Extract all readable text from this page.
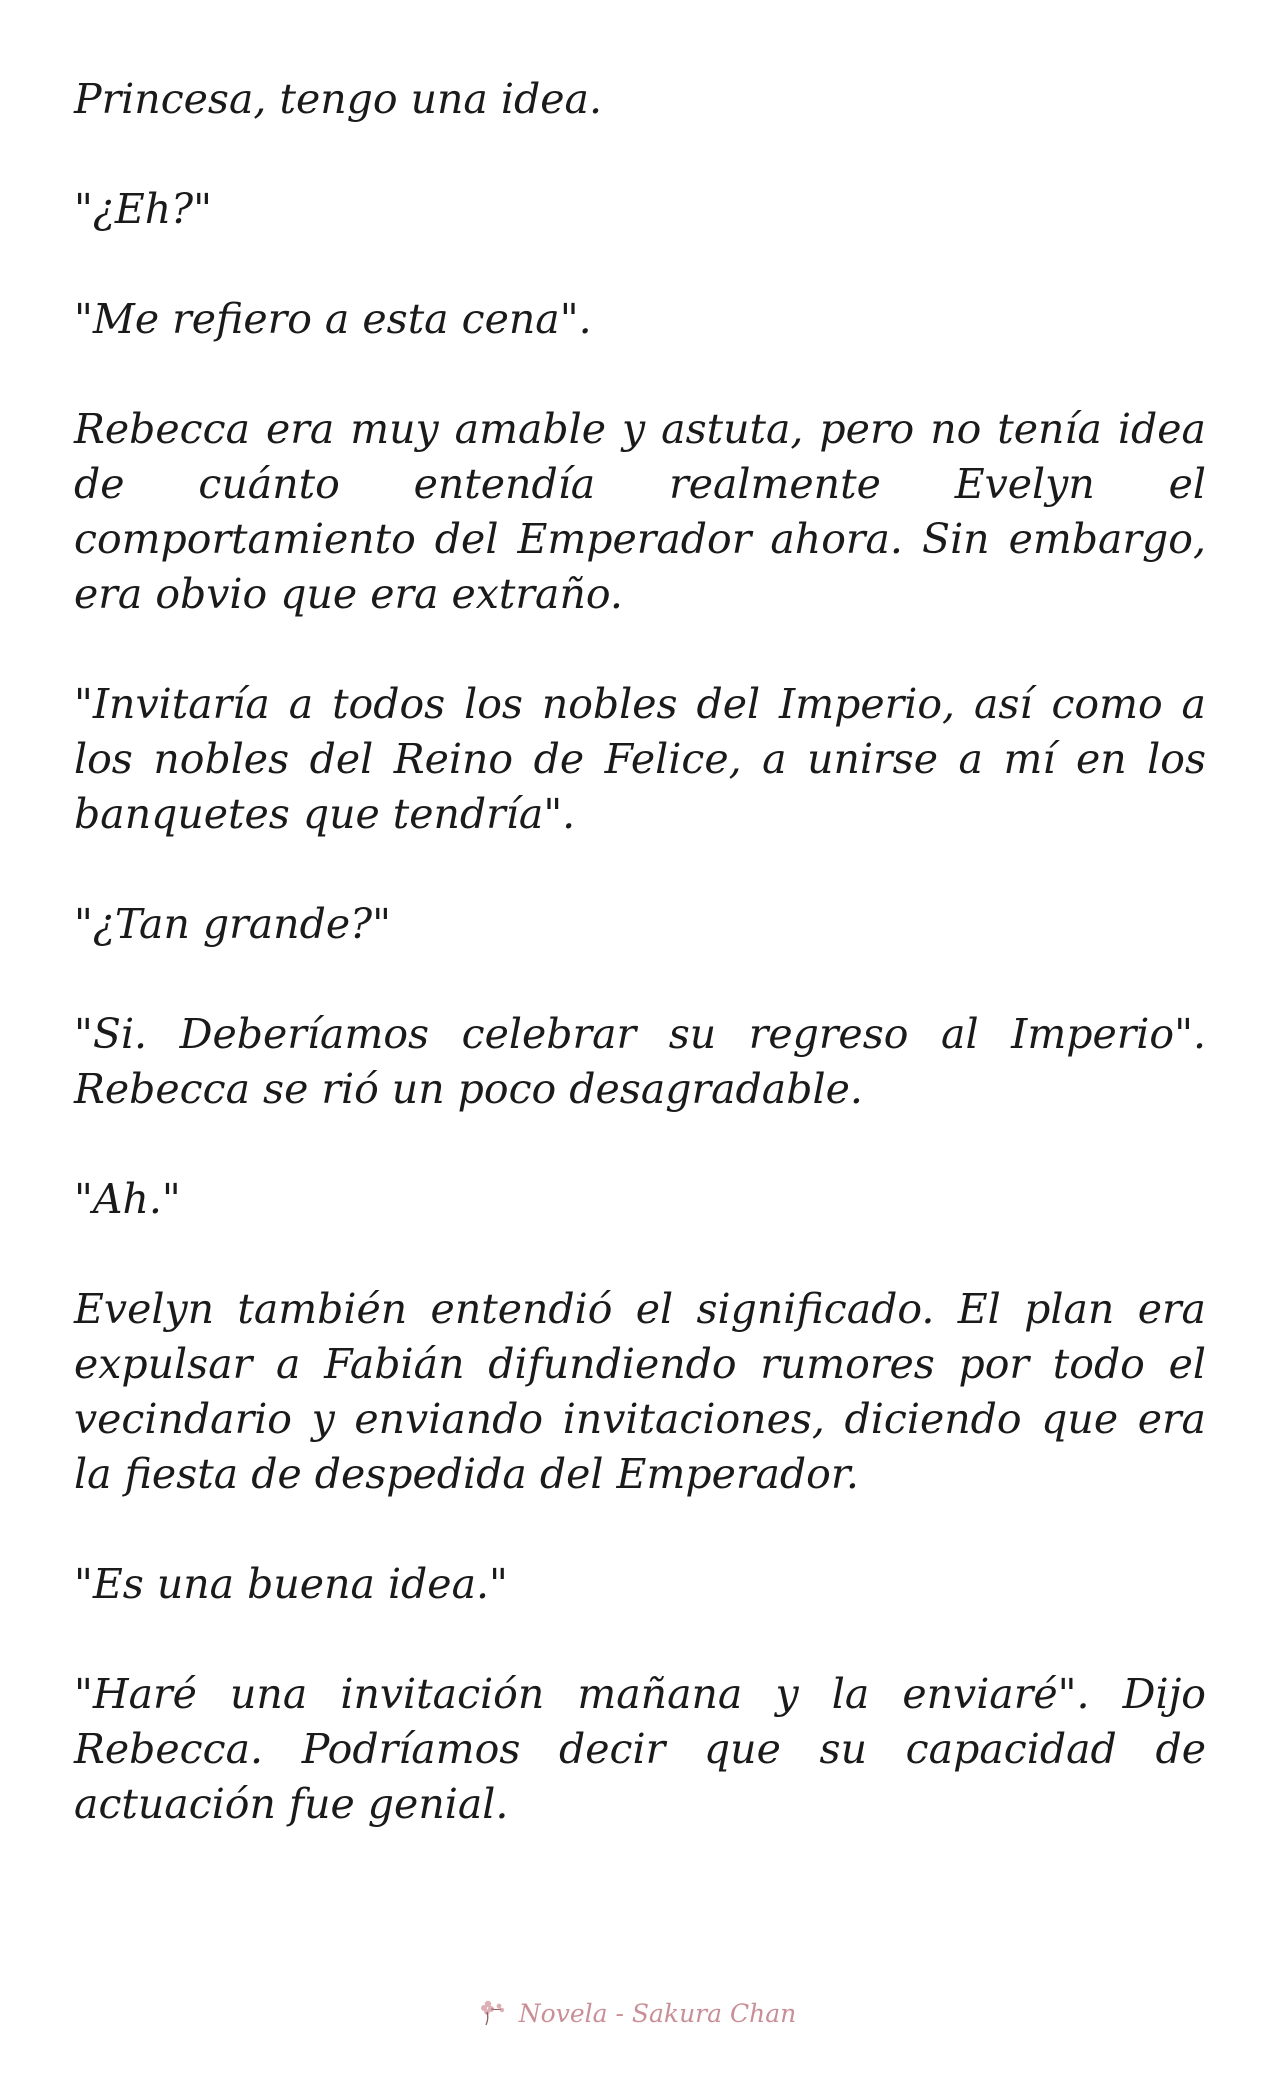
Princesa, tengo una idea.

"¿Eh?"

"Me refiero a esta cena".

Rebecca era muy amable y astuta, pero no tenía idea de cuánto entendía realmente Evelyn el comportamiento del Emperador ahora. Sin embargo, era obvio que era extraño.

"Invitaría a todos los nobles del Imperio, así como a los nobles del Reino de Felice, a unirse a mí en los banquetes que tendría".

"¿Tan grande?"

"Si. Deberíamos celebrar su regreso al Imperio". Rebecca se rió un poco desagradable.

"Ah."

Evelyn también entendió el significado. El plan era expulsar a Fabián difundiendo rumores por todo el vecindario y enviando invitaciones, diciendo que era la fiesta de despedida del Emperador.

"Es una buena idea."

"Haré una invitación mañana y la enviaré". Dijo Rebecca. Podríamos decir que su capacidad de actuación fue genial.

Novela - Sakura Chan
